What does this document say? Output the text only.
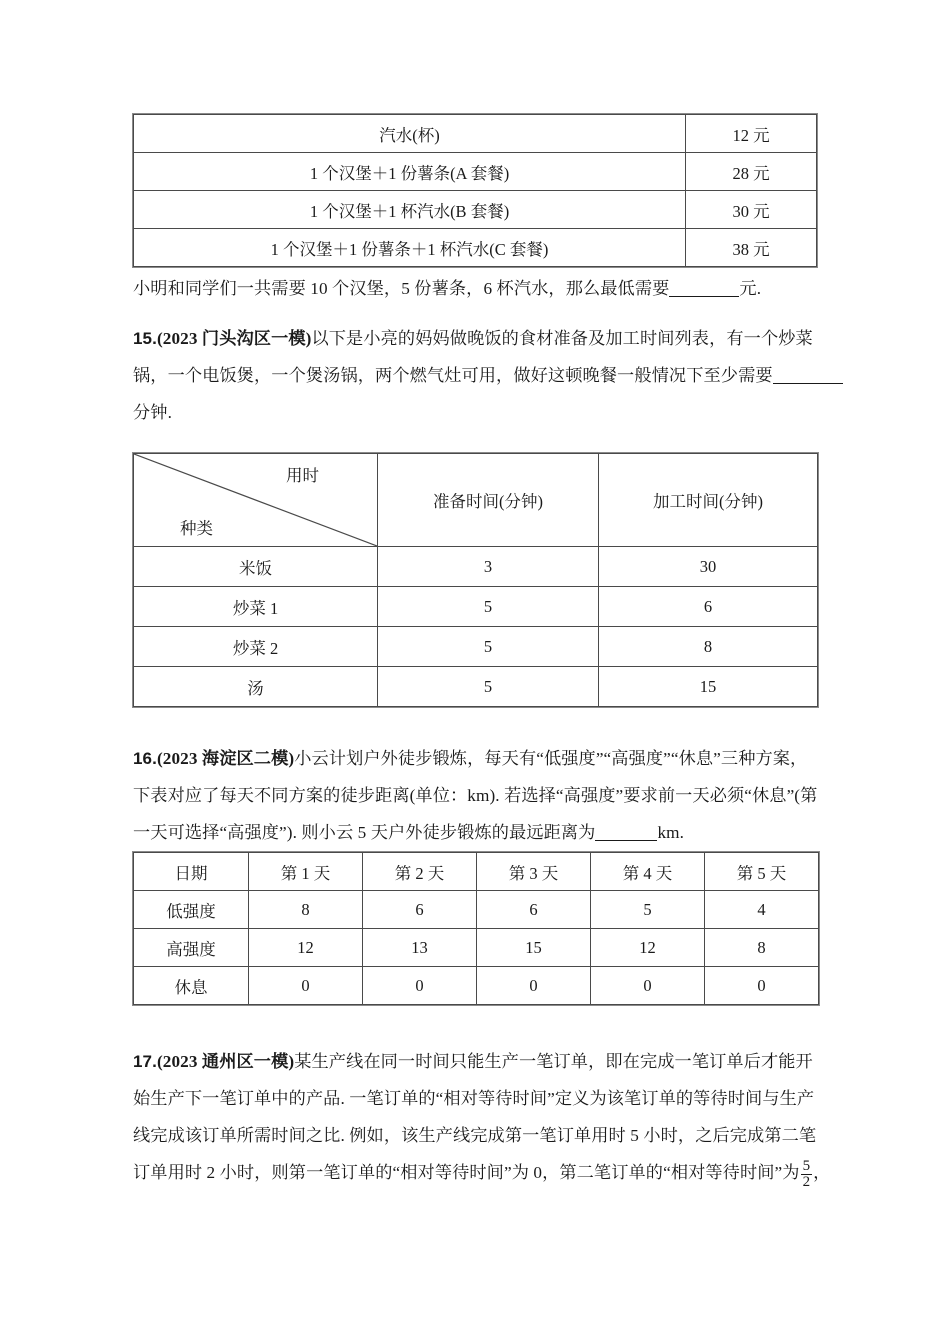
汽水(杯)	12 元
1 个汉堡＋1 份薯条(A 套餐)	28 元
1 个汉堡＋1 杯汽水(B 套餐)	30 元
1 个汉堡＋1 份薯条＋1 杯汽水(C 套餐)	38 元
小明和同学们一共需要 10 个汉堡，5 份薯条，6 杯汽水，那么最低需要	元.
15.(2023 门头沟区一模)以下是小亮的妈妈做晚饭的食材准备及加工时间列表，有一个炒菜
锅，一个电饭煲，一个煲汤锅，两个燃气灶可用，做好这顿晚餐一般情况下至少需要
分钟.
用时
种类	准备时间(分钟)	加工时间(分钟)
米饭	3	30
炒菜 1	5	6
炒菜 2	5	8
汤	5	15
16.(2023 海淀区二模)小云计划户外徒步锻炼，每天有“低强度”“高强度”“休息”三种方案，
下表对应了每天不同方案的徒步距离(单位：km). 若选择“高强度”要求前一天必须“休息”(第
一天可选择“高强度”). 则小云 5 天户外徒步锻炼的最远距离为	km.
日期	第 1 天	第 2 天	第 3 天	第 4 天	第 5 天
低强度	8	6	6	5	4
高强度	12	13	15	12	8
休息	0	0	0	0	0
17.(2023 通州区一模)某生产线在同一时间只能生产一笔订单，即在完成一笔订单后才能开
始生产下一笔订单中的产品. 一笔订单的“相对等待时间”定义为该笔订单的等待时间与生产
线完成该订单所需时间之比. 例如，该生产线完成第一笔订单用时 5 小时，之后完成第二笔
订单用时 2 小时，则第一笔订单的“相对等待时间”为 0，第二笔订单的“相对等待时间”为 $\frac{5}{2}$ ，
